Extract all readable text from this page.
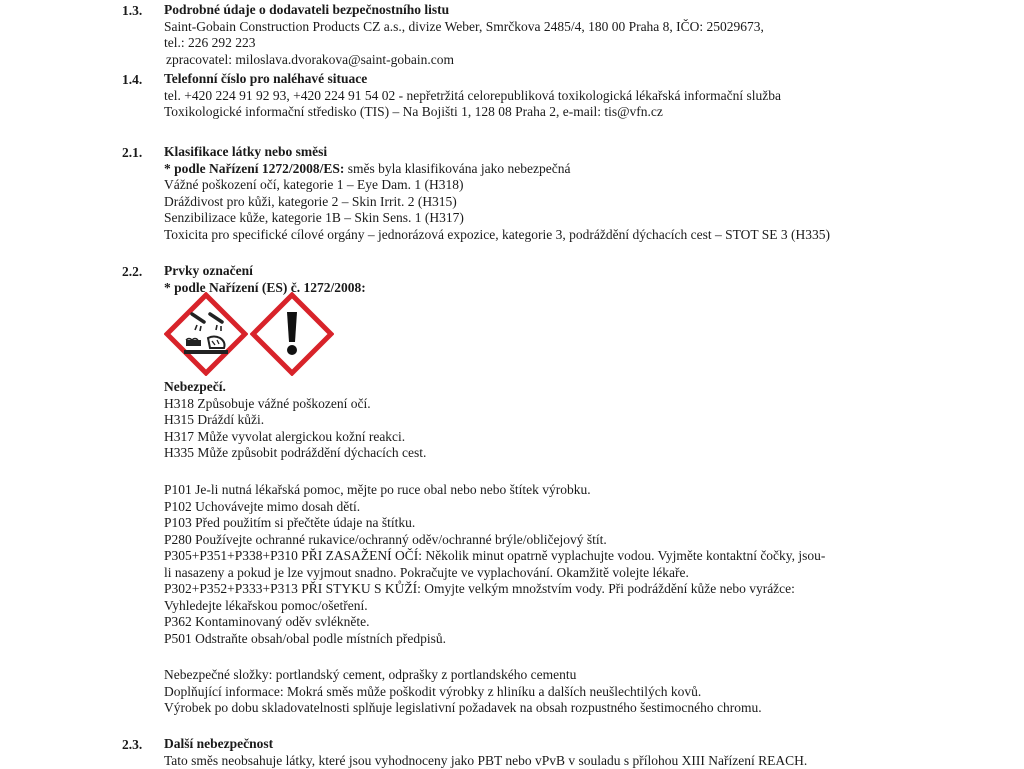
1.3. Podrobné údaje o dodavateli bezpečnostního listu
Saint-Gobain Construction Products CZ a.s., divize Weber, Smrčkova 2485/4, 180 00 Praha 8, IČO: 25029673,
tel.: 226 292 223
zpracovatel: miloslava.dvorakova@saint-gobain.com
1.4. Telefonní číslo pro naléhavé situace
tel. +420 224 91 92 93, +420 224 91 54 02 - nepřetržitá celorepubliková toxikologická lékařská informační služba
Toxikologické informační středisko (TIS) – Na Bojišti 1, 128 08 Praha 2, e-mail: tis@vfn.cz
2.1. Klasifikace látky nebo směsi
* podle Nařízení 1272/2008/ES: směs byla klasifikována jako nebezpečná
Vážné poškození očí, kategorie 1 – Eye Dam. 1 (H318)
Dráždivost pro kůži, kategorie 2 – Skin Irrit. 2 (H315)
Senzibilizace kůže, kategorie 1B – Skin Sens. 1 (H317)
Toxicita pro specifické cílové orgány – jednorázová expozice, kategorie 3, podráždění dýchacích cest – STOT SE 3 (H335)
2.2. Prvky označení
* podle Nařízení (ES) č. 1272/2008:
Nebezpečí.
H318 Způsobuje vážné poškození očí.
H315 Dráždí kůži.
H317 Může vyvolat alergickou kožní reakci.
H335 Může způsobit podráždění dýchacích cest.
P101 Je-li nutná lékařská pomoc, mějte po ruce obal nebo nebo štítek výrobku.
P102 Uchovávejte mimo dosah dětí.
P103 Před použitím si přečtěte údaje na štítku.
P280 Používejte ochranné rukavice/ochranný oděv/ochranné brýle/obličejový štít.
P305+P351+P338+P310 PŘI ZASAŽENÍ OČÍ: Několik minut opatrně vyplachujte vodou. Vyjměte kontaktní čočky, jsou-
li nasazeny a pokud je lze vyjmout snadno. Pokračujte ve vyplachování. Okamžitě volejte lékaře.
P302+P352+P333+P313 PŘI STYKU S KŮŽÍ: Omyjte velkým množstvím vody. Při podráždění kůže nebo vyrážce:
Vyhledejte lékařskou pomoc/ošetření.
P362 Kontaminovaný oděv svlékněte.
P501 Odstraňte obsah/obal podle místních předpisů.
Nebezpečné složky: portlandský cement, odprašky z portlandského cementu
Doplňující informace: Mokrá směs může poškodit výrobky z hliníku a dalších neušlechtilých kovů.
Výrobek po dobu skladovatelnosti splňuje legislativní požadavek na obsah rozpustného šestimocného chromu.
2.3. Další nebezpečnost
Tato směs neobsahuje látky, které jsou vyhodnoceny jako PBT nebo vPvB v souladu s přílohou XIII Nařízení REACH.
